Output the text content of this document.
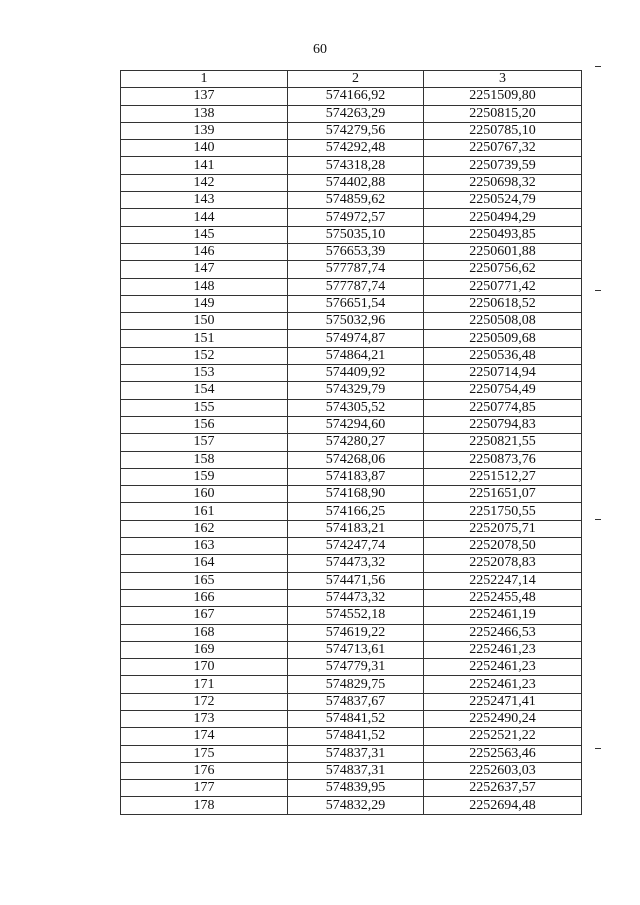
60
1	2	3
137	574166,92	2251509,80
138	574263,29	2250815,20
139	574279,56	2250785,10
140	574292,48	2250767,32
141	574318,28	2250739,59
142	574402,88	2250698,32
143	574859,62	2250524,79
144	574972,57	2250494,29
145	575035,10	2250493,85
146	576653,39	2250601,88
147	577787,74	2250756,62
148	577787,74	2250771,42
149	576651,54	2250618,52
150	575032,96	2250508,08
151	574974,87	2250509,68
152	574864,21	2250536,48
153	574409,92	2250714,94
154	574329,79	2250754,49
155	574305,52	2250774,85
156	574294,60	2250794,83
157	574280,27	2250821,55
158	574268,06	2250873,76
159	574183,87	2251512,27
160	574168,90	2251651,07
161	574166,25	2251750,55
162	574183,21	2252075,71
163	574247,74	2252078,50
164	574473,32	2252078,83
165	574471,56	2252247,14
166	574473,32	2252455,48
167	574552,18	2252461,19
168	574619,22	2252466,53
169	574713,61	2252461,23
170	574779,31	2252461,23
171	574829,75	2252461,23
172	574837,67	2252471,41
173	574841,52	2252490,24
174	574841,52	2252521,22
175	574837,31	2252563,46
176	574837,31	2252603,03
177	574839,95	2252637,57
178	574832,29	2252694,48
